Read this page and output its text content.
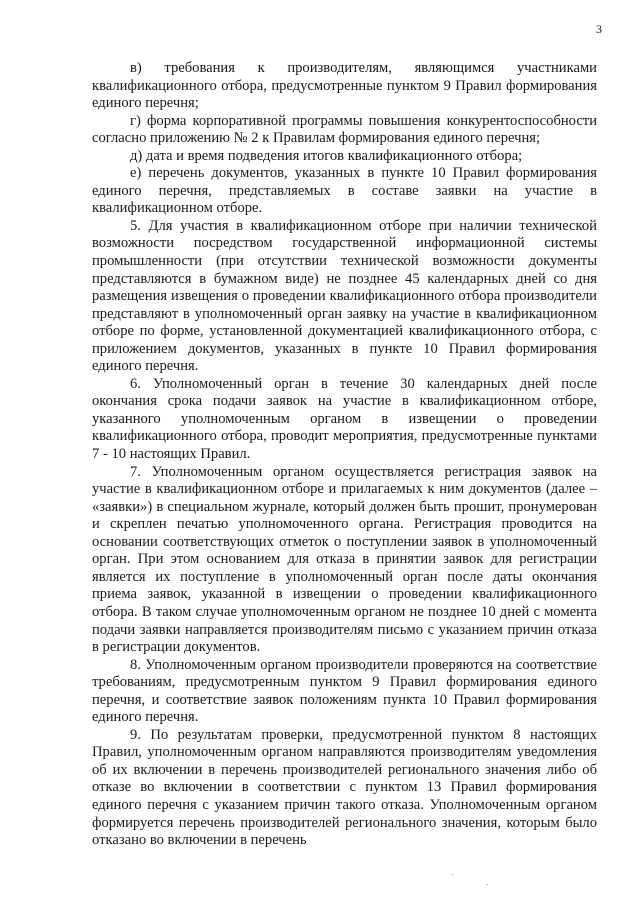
3

в) требования к производителям, являющимся участниками квалификационного отбора, предусмотренные пунктом 9 Правил формирования единого перечня;

г) форма корпоративной программы повышения конкурентоспособности согласно приложению № 2 к Правилам формирования единого перечня;

д) дата и время подведения итогов квалификационного отбора;

е) перечень документов, указанных в пункте 10 Правил формирования единого перечня, представляемых в составе заявки на участие в квалификационном отборе.

5. Для участия в квалификационном отборе при наличии технической возможности посредством государственной информационной системы промышленности (при отсутствии технической возможности документы представляются в бумажном виде) не позднее 45 календарных дней со дня размещения извещения о проведении квалификационного отбора производители представляют в уполномоченный орган заявку на участие в квалификационном отборе по форме, установленной документацией квалификационного отбора, с приложением документов, указанных в пункте 10 Правил формирования единого перечня.

6. Уполномоченный орган в течение 30 календарных дней после окончания срока подачи заявок на участие в квалификационном отборе, указанного уполномоченным органом в извещении о проведении квалификационного отбора, проводит мероприятия, предусмотренные пунктами 7 - 10 настоящих Правил.

7. Уполномоченным органом осуществляется регистрация заявок на участие в квалификационном отборе и прилагаемых к ним документов (далее – «заявки») в специальном журнале, который должен быть прошит, пронумерован и скреплен печатью уполномоченного органа. Регистрация проводится на основании соответствующих отметок о поступлении заявок в уполномоченный орган. При этом основанием для отказа в принятии заявок для регистрации является их поступление в уполномоченный орган после даты окончания приема заявок, указанной в извещении о проведении квалификационного отбора. В таком случае уполномоченным органом не позднее 10 дней с момента подачи заявки направляется производителям письмо с указанием причин отказа в регистрации документов.

8. Уполномоченным органом производители проверяются на соответствие требованиям, предусмотренным пунктом 9 Правил формирования единого перечня, и соответствие заявок положениям пункта 10 Правил формирования единого перечня.

9. По результатам проверки, предусмотренной пунктом 8 настоящих Правил, уполномоченным органом направляются производителям уведомления об их включении в перечень производителей регионального значения либо об отказе во включении в соответствии с пунктом 13 Правил формирования единого перечня с указанием причин такого отказа. Уполномоченным органом формируется перечень производителей регионального значения, которым было отказано во включении в перечень
